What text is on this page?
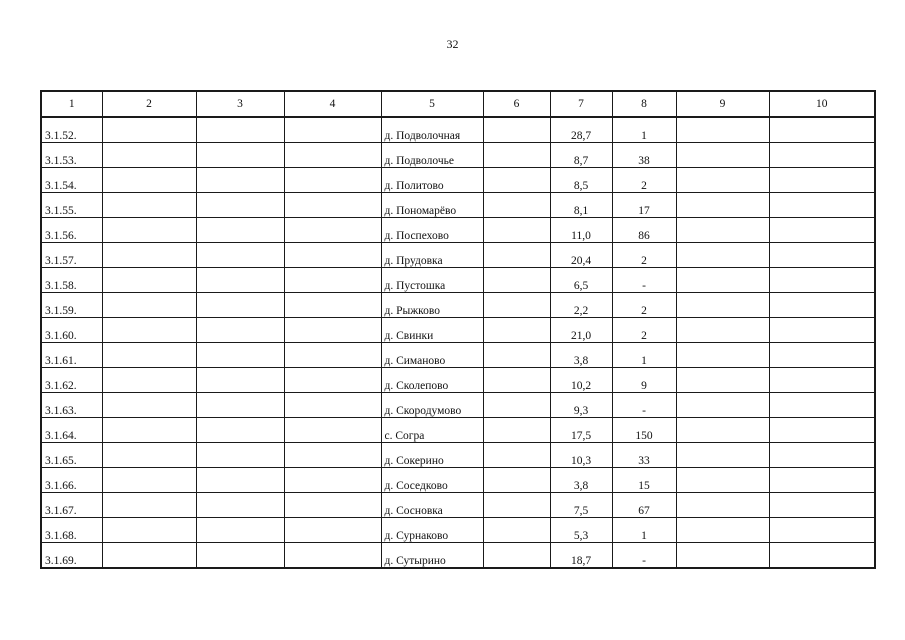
32
1	2	3	4	5	6	7	8	9	10
3.1.52.				д. Подволочная		28,7	1		
3.1.53.				д. Подволочье		8,7	38		
3.1.54.				д. Политово		8,5	2		
3.1.55.				д. Пономарёво		8,1	17		
3.1.56.				д. Поспехово		11,0	86		
3.1.57.				д. Прудовка		20,4	2		
3.1.58.				д. Пустошка		6,5	-		
3.1.59.				д. Рыжково		2,2	2		
3.1.60.				д. Свинки		21,0	2		
3.1.61.				д. Симаново		3,8	1		
3.1.62.				д. Сколепово		10,2	9		
3.1.63.				д. Скородумово		9,3	-		
3.1.64.				с. Согра		17,5	150		
3.1.65.				д. Сокерино		10,3	33		
3.1.66.				д. Соседково		3,8	15		
3.1.67.				д. Сосновка		7,5	67		
3.1.68.				д. Сурнаково		5,3	1		
3.1.69.				д. Сутырино		18,7	-		
